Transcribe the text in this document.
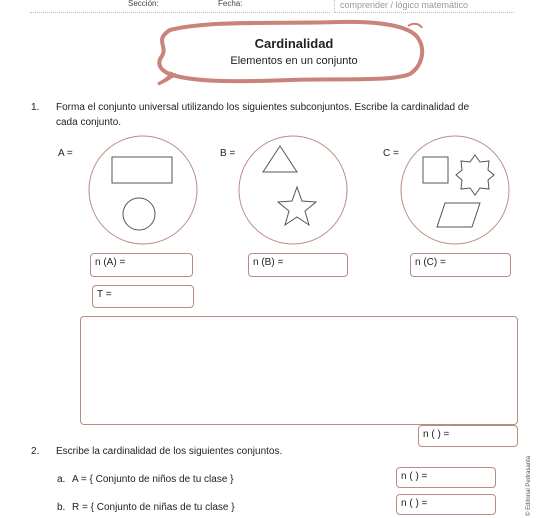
Sección:	Fecha:	comprender / lógico matemático
Cardinalidad
Elementos en un conjunto
1. Forma el conjunto universal utilizando los siguientes subconjuntos. Escribe la cardinalidad de
cada conjunto.
A =	B =	C =
n (A) =	n (B) =	n (C) =
T =
n ( ) =
2. Escribe la cardinalidad de los siguientes conjuntos.
a. A = { Conjunto de niños de tu clase }	n ( ) =
b. R = { Conjunto de niñas de tu clase }	n ( ) =	© Editorial Pedrasanta
